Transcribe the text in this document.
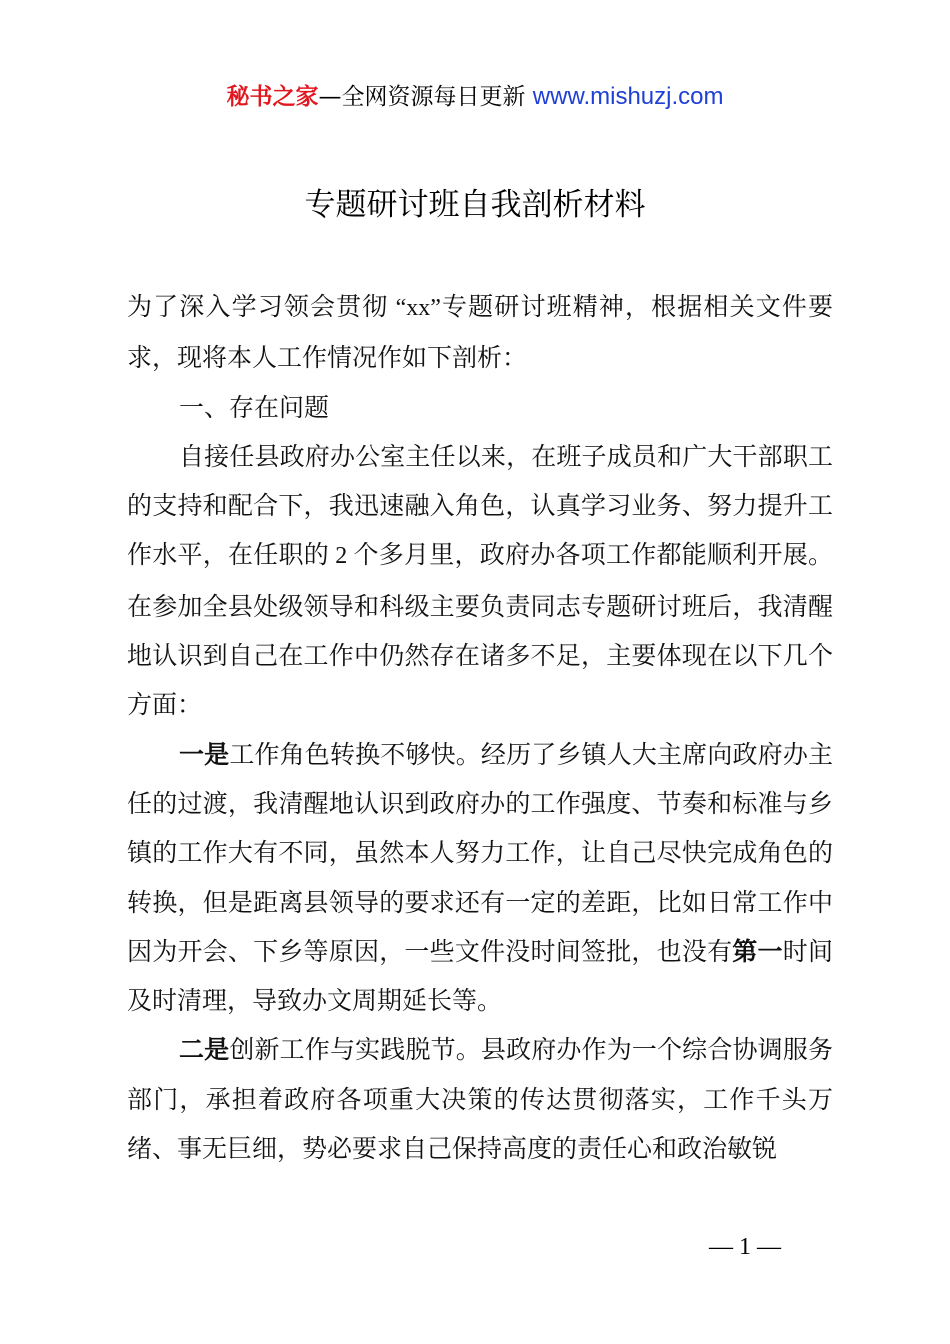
秘书之家—全网资源每日更新 www.mishuzj.com
专题研讨班自我剖析材料

为了深入学习领会贯彻 “xx”专题研讨班精神，根据相关文件要求，现将本人工作情况作如下剖析：

一、存在问题

自接任县政府办公室主任以来，在班子成员和广大干部职工的支持和配合下，我迅速融入角色，认真学习业务、努力提升工作水平，在任职的 2 个多月里，政府办各项工作都能顺利开展。在参加全县处级领导和科级主要负责同志专题研讨班后，我清醒地认识到自己在工作中仍然存在诸多不足，主要体现在以下几个方面：

一是工作角色转换不够快。经历了乡镇人大主席向政府办主任的过渡，我清醒地认识到政府办的工作强度、节奏和标准与乡镇的工作大有不同，虽然本人努力工作，让自己尽快完成角色的转换，但是距离县领导的要求还有一定的差距，比如日常工作中因为开会、下乡等原因，一些文件没时间签批，也没有第一时间及时清理，导致办文周期延长等。

二是创新工作与实践脱节。县政府办作为一个综合协调服务部门，承担着政府各项重大决策的传达贯彻落实，工作千头万绪、事无巨细，势必要求自己保持高度的责任心和政治敏锐

— 1 —
